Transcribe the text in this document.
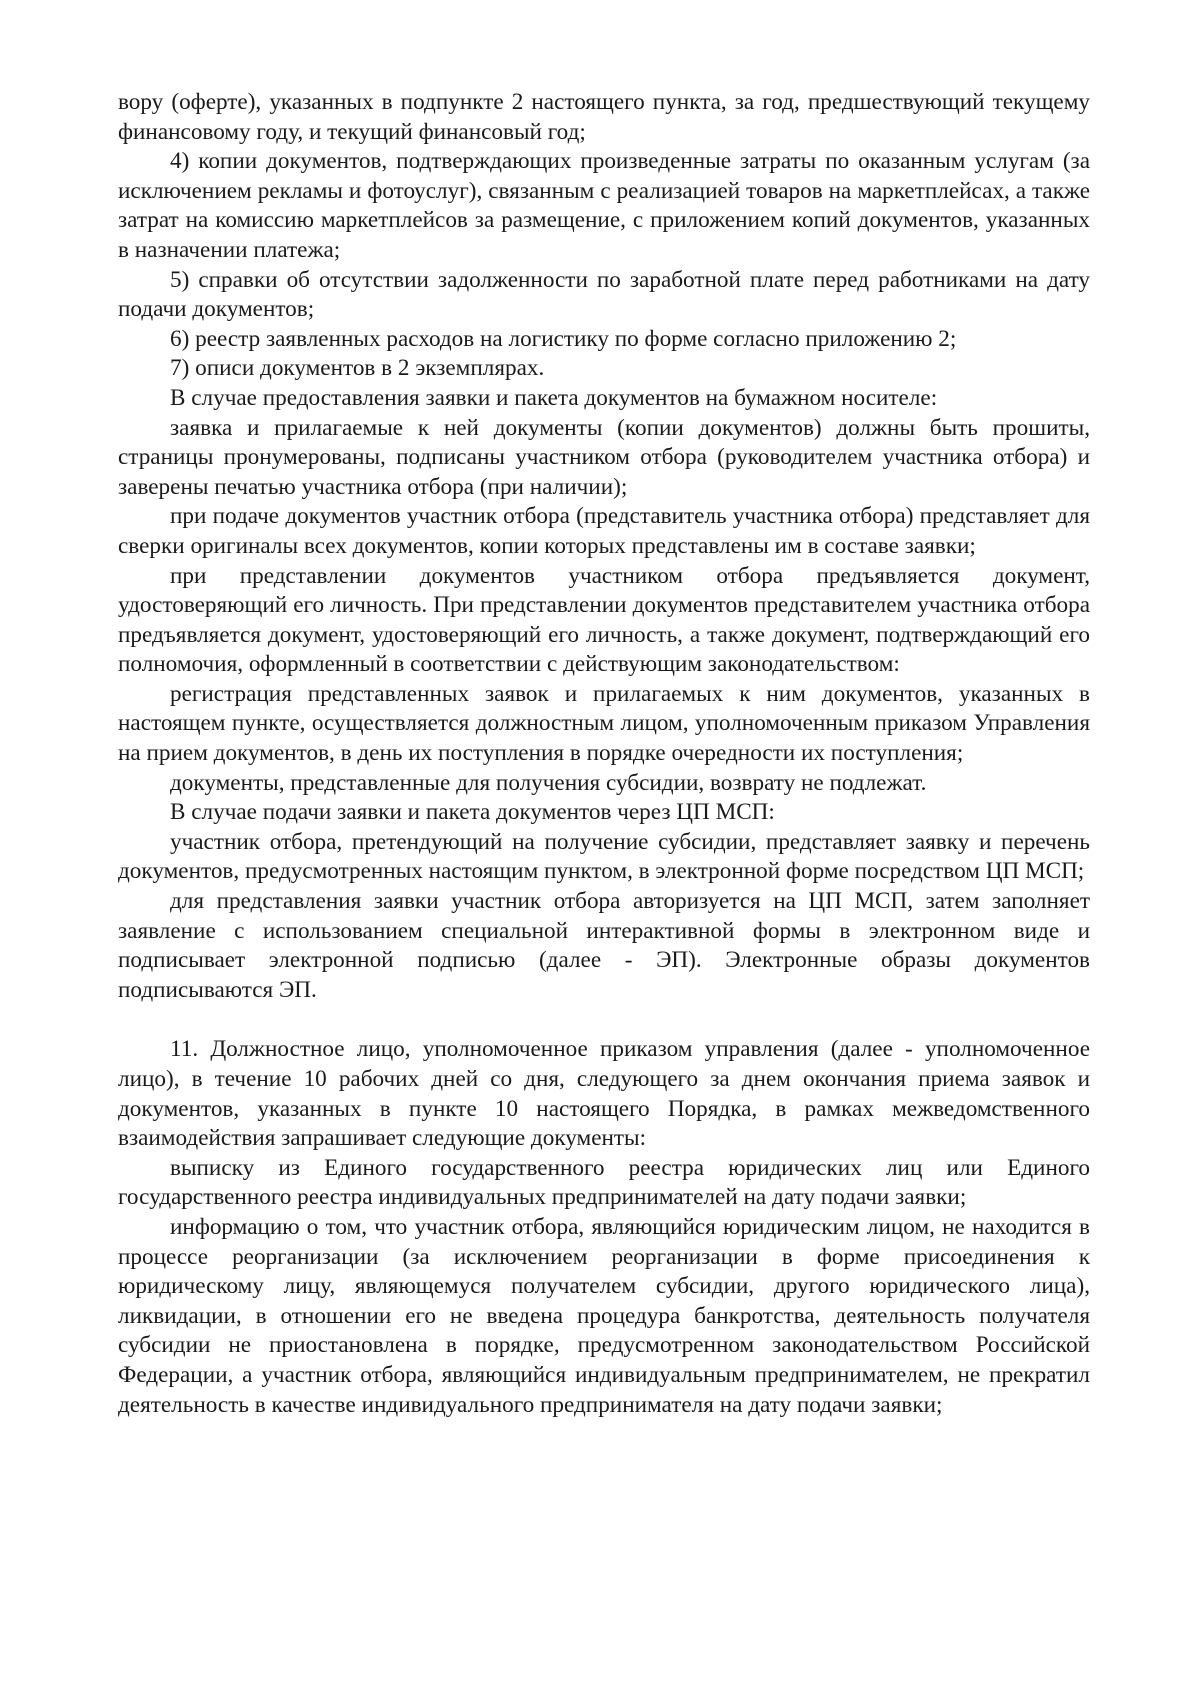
вору (оферте), указанных в подпункте 2 настоящего пункта, за год, предшествующий текущему финансовому году, и текущий финансовый год;

4) копии документов, подтверждающих произведенные затраты по оказанным услугам (за исключением рекламы и фотоуслуг), связанным с реализацией товаров на маркетплейсах, а также затрат на комиссию маркетплейсов за размещение, с приложением копий документов, указанных в назначении платежа;

5) справки об отсутствии задолженности по заработной плате перед работниками на дату подачи документов;

6) реестр заявленных расходов на логистику по форме согласно приложению 2;

7) описи документов в 2 экземплярах.

В случае предоставления заявки и пакета документов на бумажном носителе:

заявка и прилагаемые к ней документы (копии документов) должны быть прошиты, страницы пронумерованы, подписаны участником отбора (руководителем участника отбора) и заверены печатью участника отбора (при наличии);

при подаче документов участник отбора (представитель участника отбора) представляет для сверки оригиналы всех документов, копии которых представлены им в составе заявки;

при представлении документов участником отбора предъявляется документ, удостоверяющий его личность. При представлении документов представителем участника отбора предъявляется документ, удостоверяющий его личность, а также документ, подтверждающий его полномочия, оформленный в соответствии с действующим законодательством:

регистрация представленных заявок и прилагаемых к ним документов, указанных в настоящем пункте, осуществляется должностным лицом, уполномоченным приказом Управления на прием документов, в день их поступления в порядке очередности их поступления;

документы, представленные для получения субсидии, возврату не подлежат.

В случае подачи заявки и пакета документов через ЦП МСП:

участник отбора, претендующий на получение субсидии, представляет заявку и перечень документов, предусмотренных настоящим пунктом, в электронной форме посредством ЦП МСП;

для представления заявки участник отбора авторизуется на ЦП МСП, затем заполняет заявление с использованием специальной интерактивной формы в электронном виде и подписывает электронной подписью (далее - ЭП). Электронные образы документов подписываются ЭП.

11. Должностное лицо, уполномоченное приказом управления (далее - уполномоченное лицо), в течение 10 рабочих дней со дня, следующего за днем окончания приема заявок и документов, указанных в пункте 10 настоящего Порядка, в рамках межведомственного взаимодействия запрашивает следующие документы:

выписку из Единого государственного реестра юридических лиц или Единого государственного реестра индивидуальных предпринимателей на дату подачи заявки;

информацию о том, что участник отбора, являющийся юридическим лицом, не находится в процессе реорганизации (за исключением реорганизации в форме присоединения к юридическому лицу, являющемуся получателем субсидии, другого юридического лица), ликвидации, в отношении его не введена процедура банкротства, деятельность получателя субсидии не приостановлена в порядке, предусмотренном законодательством Российской Федерации, а участник отбора, являющийся индивидуальным предпринимателем, не прекратил деятельность в качестве индивидуального предпринимателя на дату подачи заявки;
